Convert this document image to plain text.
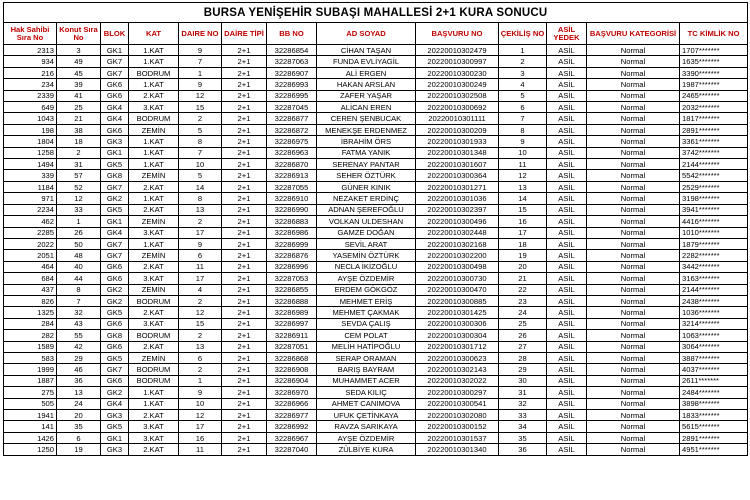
BURSA YENİŞEHİR SUBAŞI MAHALLESİ 2+1 KURA SONUCU												
Hak Sahibi Sıra No	Konut Sıra No	BLOK	KAT	DAIRE NO	DAİRE TİPİ	BB NO	AD SOYAD	BAŞVURU NO	ÇEKİLİŞ NO	ASİL YEDEK	BAŞVURU KATEGORİSİ	TC KİMLİK NO
2313	3	GK1	1.KAT	9	2+1	32286854	CİHAN TAŞAN	20220010302479	1	ASİL	Normal	1707*******
934	49	GK7	1.KAT	7	2+1	32287063	FUNDA EVLİYAGİL	20220010300997	2	ASİL	Normal	1635*******
216	45	GK7	BODRUM	1	2+1	32286907	ALİ ERGEN	20220010300230	3	ASİL	Normal	3390*******
234	39	GK6	1.KAT	9	2+1	32286993	HAKAN ARSLAN	20220010300249	4	ASİL	Normal	1987*******
2339	41	GK6	2.KAT	12	2+1	32286995	ZAFER YAŞAR	20220010302508	5	ASİL	Normal	2465*******
649	25	GK4	3.KAT	15	2+1	32287045	ALİCAN EREN	20220010300692	6	ASİL	Normal	2032*******
1043	21	GK4	BODRUM	2	2+1	32286877	CEREN ŞENBUCAK	20220010301111	7	ASİL	Normal	1817*******
198	38	GK6	ZEMİN	5	2+1	32286872	MENEKŞE ERDENMEZ	20220010300209	8	ASİL	Normal	2891*******
1804	18	GK3	1.KAT	8	2+1	32286975	İBRAHİM ÖRS	20220010301933	9	ASİL	Normal	3361*******
1258	2	GK1	1.KAT	7	2+1	32286963	FATMA YANIK	20220010301348	10	ASİL	Normal	3742*******
1494	31	GK5	1.KAT	10	2+1	32286870	SERENAY PANTAR	20220010301607	11	ASİL	Normal	2144*******
339	57	GK8	ZEMİN	5	2+1	32286913	SEHER ÖZTÜRK	20220010300364	12	ASİL	Normal	5542*******
1184	52	GK7	2.KAT	14	2+1	32287055	GÜNER KINIK	20220010301271	13	ASİL	Normal	2529*******
971	12	GK2	1.KAT	8	2+1	32286910	NEZAKET ERDİNÇ	20220010301036	14	ASİL	Normal	3198*******
2234	33	GK5	2.KAT	13	2+1	32286990	ADNAN ŞEREFOĞLU	20220010302397	15	ASİL	Normal	3941*******
462	1	GK1	ZEMİN	2	2+1	32286883	VOLKAN ULDESHAN	20220010300496	16	ASİL	Normal	4416*******
2285	26	GK4	3.KAT	17	2+1	32286986	GAMZE DOĞAN	20220010302448	17	ASİL	Normal	1010*******
2022	50	GK7	1.KAT	9	2+1	32286999	SEVİL ARAT	20220010302168	18	ASİL	Normal	1879*******
2051	48	GK7	ZEMİN	6	2+1	32286876	YASEMİN ÖZTÜRK	20220010302200	19	ASİL	Normal	2282*******
464	40	GK6	2.KAT	11	2+1	32286996	NECLA İKİZOĞLU	20220010300498	20	ASİL	Normal	3442*******
684	44	GK6	3.KAT	17	2+1	32287053	AYŞE ÖZDEMİR	20220010300730	21	ASİL	Normal	3163*******
437	8	GK2	ZEMİN	4	2+1	32286855	ERDEM GÖKGÖZ	20220010300470	22	ASİL	Normal	2144*******
826	7	GK2	BODRUM	2	2+1	32286888	MEHMET ERİŞ	20220010300885	23	ASİL	Normal	2438*******
1325	32	GK5	2.KAT	12	2+1	32286989	MEHMET ÇAKMAK	20220010301425	24	ASİL	Normal	1036*******
284	43	GK6	3.KAT	15	2+1	32286997	SEVDA ÇALIŞ	20220010300306	25	ASİL	Normal	3214*******
282	55	GK8	BODRUM	2	2+1	32286911	CEM POLAT	20220010300304	26	ASİL	Normal	1063*******
1589	42	GK6	2.KAT	13	2+1	32287051	MELİH HATİPOĞLU	20220010301712	27	ASİL	Normal	3064*******
583	29	GK5	ZEMİN	6	2+1	32286868	SERAP ORAMAN	20220010300623	28	ASİL	Normal	3887*******
1999	46	GK7	BODRUM	2	2+1	32286908	BARIŞ BAYRAM	20220010302143	29	ASİL	Normal	4037*******
1887	36	GK6	BODRUM	1	2+1	32286904	MUHAMMET ACER	20220010302022	30	ASİL	Normal	2611*******
275	13	GK2	1.KAT	9	2+1	32286970	SEDA KILIÇ	20220010300297	31	ASİL	Normal	2484*******
505	24	GK4	1.KAT	10	2+1	32286966	AHMET CANIMOVA	20220010300541	32	ASİL	Normal	3898*******
1941	20	GK3	2.KAT	12	2+1	32286977	UFUK ÇETİNKAYA	20220010302080	33	ASİL	Normal	1833*******
141	35	GK5	3.KAT	17	2+1	32286992	RAVZA SARIKAYA	20220010300152	34	ASİL	Normal	5615*******
1426	6	GK1	3.KAT	16	2+1	32286967	AYŞE ÖZDEMİR	20220010301537	35	ASİL	Normal	2891*******
1250	19	GK3	2.KAT	11	2+1	32287040	ZÜLBİYE KURA	20220010301340	36	ASİL	Normal	4951*******
